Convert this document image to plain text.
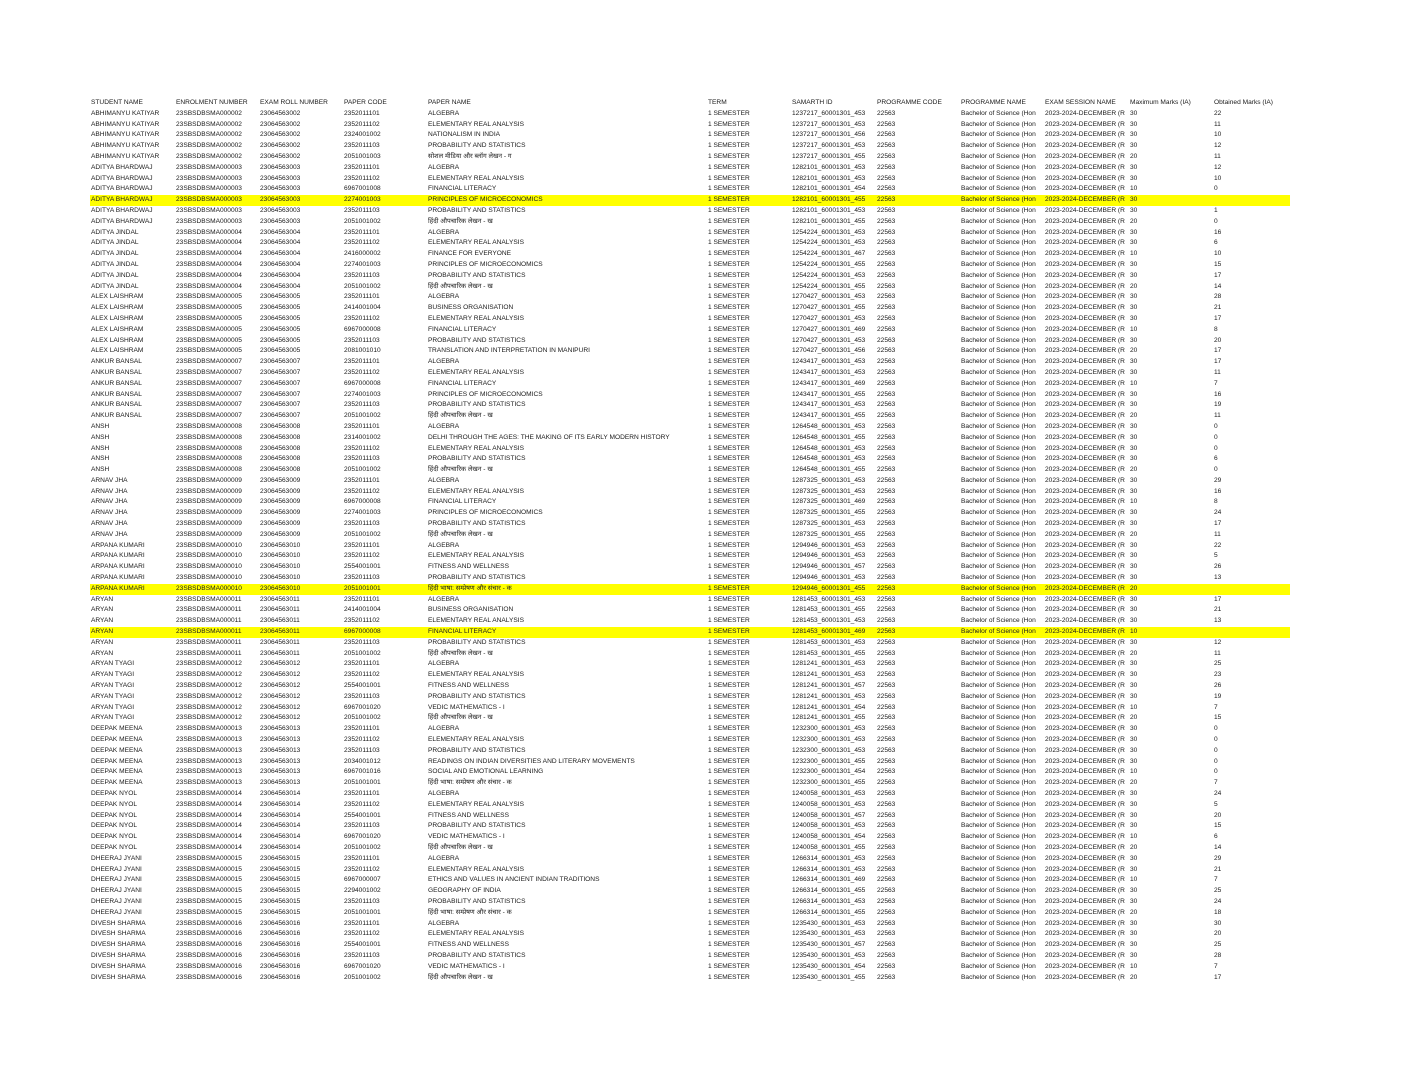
STUDENT NAME	ENROLMENT NUMBER	EXAM ROLL NUMBER	PAPER CODE	PAPER NAME	TERM	SAMARTH ID	PROGRAMME CODE	PROGRAMME NAME	EXAM SESSION NAME	Maximum Marks (IA)	Obtained Marks (IA)
ABHIMANYU KATIYAR	23SBSDBSMA000002	23064563002	2352011101	ALGEBRA	1 SEMESTER	1237217_60001301_453	22563	Bachelor of Science (Hon	2023-2024-DECEMBER (R 30	22
ABHIMANYU KATIYAR	23SBSDBSMA000002	23064563002	2352011102	ELEMENTARY REAL ANALYSIS	1 SEMESTER	1237217_60001301_453	22563	Bachelor of Science (Hon	2023-2024-DECEMBER (R 30	11
ABHIMANYU KATIYAR	23SBSDBSMA000002	23064563002	2324001002	NATIONALISM IN INDIA	1 SEMESTER	1237217_60001301_456	22563	Bachelor of Science (Hon	2023-2024-DECEMBER (R 30	10
ABHIMANYU KATIYAR	23SBSDBSMA000002	23064563002	2352011103	PROBABILITY AND STATISTICS	1 SEMESTER	1237217_60001301_453	22563	Bachelor of Science (Hon	2023-2024-DECEMBER (R 30	12
ABHIMANYU KATIYAR	23SBSDBSMA000002	23064563002	2051001003	सोशल मीडिया और ब्लॉग लेखन - ग	1 SEMESTER	1237217_60001301_455	22563	Bachelor of Science (Hon	2023-2024-DECEMBER (R 20	11
ADITYA BHARDWAJ	23SBSDBSMA000003	23064563003	2352011101	ALGEBRA	1 SEMESTER	1282101_60001301_453	22563	Bachelor of Science (Hon	2023-2024-DECEMBER (R 30	12
ADITYA BHARDWAJ	23SBSDBSMA000003	23064563003	2352011102	ELEMENTARY REAL ANALYSIS	1 SEMESTER	1282101_60001301_453	22563	Bachelor of Science (Hon	2023-2024-DECEMBER (R 30	10
ADITYA BHARDWAJ	23SBSDBSMA000003	23064563003	6967001008	FINANCIAL LITERACY	1 SEMESTER	1282101_60001301_454	22563	Bachelor of Science (Hon	2023-2024-DECEMBER (R 10	0
ADITYA BHARDWAJ	23SBSDBSMA000003	23064563003	2274001003	PRINCIPLES OF MICROECONOMICS	1 SEMESTER	1282101_60001301_455	22563	Bachelor of Science (Hon	2023-2024-DECEMBER (R 30
ADITYA BHARDWAJ	23SBSDBSMA000003	23064563003	2352011103	PROBABILITY AND STATISTICS	1 SEMESTER	1282101_60001301_453	22563	Bachelor of Science (Hon	2023-2024-DECEMBER (R 30	1
ADITYA BHARDWAJ	23SBSDBSMA000003	23064563003	2051001002	हिंदी औपचारिक लेखन - ख	1 SEMESTER	1282101_60001301_455	22563	Bachelor of Science (Hon	2023-2024-DECEMBER (R 20	0
ADITYA JINDAL	23SBSDBSMA000004	23064563004	2352011101	ALGEBRA	1 SEMESTER	1254224_60001301_453	22563	Bachelor of Science (Hon	2023-2024-DECEMBER (R 30	16
ADITYA JINDAL	23SBSDBSMA000004	23064563004	2352011102	ELEMENTARY REAL ANALYSIS	1 SEMESTER	1254224_60001301_453	22563	Bachelor of Science (Hon	2023-2024-DECEMBER (R 30	6
ADITYA JINDAL	23SBSDBSMA000004	23064563004	2416000002	FINANCE FOR EVERYONE	1 SEMESTER	1254224_60001301_467	22563	Bachelor of Science (Hon	2023-2024-DECEMBER (R 10	10
ADITYA JINDAL	23SBSDBSMA000004	23064563004	2274001003	PRINCIPLES OF MICROECONOMICS	1 SEMESTER	1254224_60001301_455	22563	Bachelor of Science (Hon	2023-2024-DECEMBER (R 30	15
ADITYA JINDAL	23SBSDBSMA000004	23064563004	2352011103	PROBABILITY AND STATISTICS	1 SEMESTER	1254224_60001301_453	22563	Bachelor of Science (Hon	2023-2024-DECEMBER (R 30	17
ADITYA JINDAL	23SBSDBSMA000004	23064563004	2051001002	हिंदी औपचारिक लेखन - ख	1 SEMESTER	1254224_60001301_455	22563	Bachelor of Science (Hon	2023-2024-DECEMBER (R 20	14
ALEX LAISHRAM	23SBSDBSMA000005	23064563005	2352011101	ALGEBRA	1 SEMESTER	1270427_60001301_453	22563	Bachelor of Science (Hon	2023-2024-DECEMBER (R 30	28
ALEX LAISHRAM	23SBSDBSMA000005	23064563005	2414001004	BUSINESS ORGANISATION	1 SEMESTER	1270427_60001301_455	22563	Bachelor of Science (Hon	2023-2024-DECEMBER (R 30	21
ALEX LAISHRAM	23SBSDBSMA000005	23064563005	2352011102	ELEMENTARY REAL ANALYSIS	1 SEMESTER	1270427_60001301_453	22563	Bachelor of Science (Hon	2023-2024-DECEMBER (R 30	17
ALEX LAISHRAM	23SBSDBSMA000005	23064563005	6967000008	FINANCIAL LITERACY	1 SEMESTER	1270427_60001301_469	22563	Bachelor of Science (Hon	2023-2024-DECEMBER (R 10	8
ALEX LAISHRAM	23SBSDBSMA000005	23064563005	2352011103	PROBABILITY AND STATISTICS	1 SEMESTER	1270427_60001301_453	22563	Bachelor of Science (Hon	2023-2024-DECEMBER (R 30	20
ALEX LAISHRAM	23SBSDBSMA000005	23064563005	2081001010	TRANSLATION AND INTERPRETATION IN MANIPURI	1 SEMESTER	1270427_60001301_456	22563	Bachelor of Science (Hon	2023-2024-DECEMBER (R 20	17
ANKUR BANSAL	23SBSDBSMA000007	23064563007	2352011101	ALGEBRA	1 SEMESTER	1243417_60001301_453	22563	Bachelor of Science (Hon	2023-2024-DECEMBER (R 30	17
ANKUR BANSAL	23SBSDBSMA000007	23064563007	2352011102	ELEMENTARY REAL ANALYSIS	1 SEMESTER	1243417_60001301_453	22563	Bachelor of Science (Hon	2023-2024-DECEMBER (R 30	11
ANKUR BANSAL	23SBSDBSMA000007	23064563007	6967000008	FINANCIAL LITERACY	1 SEMESTER	1243417_60001301_469	22563	Bachelor of Science (Hon	2023-2024-DECEMBER (R 10	7
ANKUR BANSAL	23SBSDBSMA000007	23064563007	2274001003	PRINCIPLES OF MICROECONOMICS	1 SEMESTER	1243417_60001301_455	22563	Bachelor of Science (Hon	2023-2024-DECEMBER (R 30	16
ANKUR BANSAL	23SBSDBSMA000007	23064563007	2352011103	PROBABILITY AND STATISTICS	1 SEMESTER	1243417_60001301_453	22563	Bachelor of Science (Hon	2023-2024-DECEMBER (R 30	19
ANKUR BANSAL	23SBSDBSMA000007	23064563007	2051001002	हिंदी औपचारिक लेखन - ख	1 SEMESTER	1243417_60001301_455	22563	Bachelor of Science (Hon	2023-2024-DECEMBER (R 20	11
ANSH	23SBSDBSMA000008	23064563008	2352011101	ALGEBRA	1 SEMESTER	1264548_60001301_453	22563	Bachelor of Science (Hon	2023-2024-DECEMBER (R 30	0
ANSH	23SBSDBSMA000008	23064563008	2314001002	DELHI THROUGH THE AGES: THE MAKING OF ITS EARLY MODERN HISTORY	1 SEMESTER	1264548_60001301_455	22563	Bachelor of Science (Hon	2023-2024-DECEMBER (R 30	0
ANSH	23SBSDBSMA000008	23064563008	2352011102	ELEMENTARY REAL ANALYSIS	1 SEMESTER	1264548_60001301_453	22563	Bachelor of Science (Hon	2023-2024-DECEMBER (R 30	0
ANSH	23SBSDBSMA000008	23064563008	2352011103	PROBABILITY AND STATISTICS	1 SEMESTER	1264548_60001301_453	22563	Bachelor of Science (Hon	2023-2024-DECEMBER (R 30	6
ANSH	23SBSDBSMA000008	23064563008	2051001002	हिंदी औपचारिक लेखन - ख	1 SEMESTER	1264548_60001301_455	22563	Bachelor of Science (Hon	2023-2024-DECEMBER (R 20	0
ARNAV JHA	23SBSDBSMA000009	23064563009	2352011101	ALGEBRA	1 SEMESTER	1287325_60001301_453	22563	Bachelor of Science (Hon	2023-2024-DECEMBER (R 30	29
ARNAV JHA	23SBSDBSMA000009	23064563009	2352011102	ELEMENTARY REAL ANALYSIS	1 SEMESTER	1287325_60001301_453	22563	Bachelor of Science (Hon	2023-2024-DECEMBER (R 30	16
ARNAV JHA	23SBSDBSMA000009	23064563009	6967000008	FINANCIAL LITERACY	1 SEMESTER	1287325_60001301_469	22563	Bachelor of Science (Hon	2023-2024-DECEMBER (R 10	8
ARNAV JHA	23SBSDBSMA000009	23064563009	2274001003	PRINCIPLES OF MICROECONOMICS	1 SEMESTER	1287325_60001301_455	22563	Bachelor of Science (Hon	2023-2024-DECEMBER (R 30	24
ARNAV JHA	23SBSDBSMA000009	23064563009	2352011103	PROBABILITY AND STATISTICS	1 SEMESTER	1287325_60001301_453	22563	Bachelor of Science (Hon	2023-2024-DECEMBER (R 30	17
ARNAV JHA	23SBSDBSMA000009	23064563009	2051001002	हिंदी औपचारिक लेखन - ख	1 SEMESTER	1287325_60001301_455	22563	Bachelor of Science (Hon	2023-2024-DECEMBER (R 20	11
ARPANA KUMARI	23SBSDBSMA000010	23064563010	2352011101	ALGEBRA	1 SEMESTER	1294946_60001301_453	22563	Bachelor of Science (Hon	2023-2024-DECEMBER (R 30	22
ARPANA KUMARI	23SBSDBSMA000010	23064563010	2352011102	ELEMENTARY REAL ANALYSIS	1 SEMESTER	1294946_60001301_453	22563	Bachelor of Science (Hon	2023-2024-DECEMBER (R 30	5
ARPANA KUMARI	23SBSDBSMA000010	23064563010	2554001001	FITNESS AND WELLNESS	1 SEMESTER	1294946_60001301_457	22563	Bachelor of Science (Hon	2023-2024-DECEMBER (R 30	26
ARPANA KUMARI	23SBSDBSMA000010	23064563010	2352011103	PROBABILITY AND STATISTICS	1 SEMESTER	1294946_60001301_453	22563	Bachelor of Science (Hon	2023-2024-DECEMBER (R 30	13
ARPANA KUMARI	23SBSDBSMA000010	23064563010	2051001001	हिंदी भाषा: सम्प्रेषण और संचार - क	1 SEMESTER	1294946_60001301_455	22563	Bachelor of Science (Hon	2023-2024-DECEMBER (R 20
ARYAN	23SBSDBSMA000011	23064563011	2352011101	ALGEBRA	1 SEMESTER	1281453_60001301_453	22563	Bachelor of Science (Hon	2023-2024-DECEMBER (R 30	17
ARYAN	23SBSDBSMA000011	23064563011	2414001004	BUSINESS ORGANISATION	1 SEMESTER	1281453_60001301_455	22563	Bachelor of Science (Hon	2023-2024-DECEMBER (R 30	21
ARYAN	23SBSDBSMA000011	23064563011	2352011102	ELEMENTARY REAL ANALYSIS	1 SEMESTER	1281453_60001301_453	22563	Bachelor of Science (Hon	2023-2024-DECEMBER (R 30	13
ARYAN	23SBSDBSMA000011	23064563011	6967000008	FINANCIAL LITERACY	1 SEMESTER	1281453_60001301_469	22563	Bachelor of Science (Hon	2023-2024-DECEMBER (R 10
ARYAN	23SBSDBSMA000011	23064563011	2352011103	PROBABILITY AND STATISTICS	1 SEMESTER	1281453_60001301_453	22563	Bachelor of Science (Hon	2023-2024-DECEMBER (R 30	12
ARYAN	23SBSDBSMA000011	23064563011	2051001002	हिंदी औपचारिक लेखन - ख	1 SEMESTER	1281453_60001301_455	22563	Bachelor of Science (Hon	2023-2024-DECEMBER (R 20	11
ARYAN TYAGI	23SBSDBSMA000012	23064563012	2352011101	ALGEBRA	1 SEMESTER	1281241_60001301_453	22563	Bachelor of Science (Hon	2023-2024-DECEMBER (R 30	25
ARYAN TYAGI	23SBSDBSMA000012	23064563012	2352011102	ELEMENTARY REAL ANALYSIS	1 SEMESTER	1281241_60001301_453	22563	Bachelor of Science (Hon	2023-2024-DECEMBER (R 30	23
ARYAN TYAGI	23SBSDBSMA000012	23064563012	2554001001	FITNESS AND WELLNESS	1 SEMESTER	1281241_60001301_457	22563	Bachelor of Science (Hon	2023-2024-DECEMBER (R 30	26
ARYAN TYAGI	23SBSDBSMA000012	23064563012	2352011103	PROBABILITY AND STATISTICS	1 SEMESTER	1281241_60001301_453	22563	Bachelor of Science (Hon	2023-2024-DECEMBER (R 30	19
ARYAN TYAGI	23SBSDBSMA000012	23064563012	6967001020	VEDIC MATHEMATICS - I	1 SEMESTER	1281241_60001301_454	22563	Bachelor of Science (Hon	2023-2024-DECEMBER (R 10	7
ARYAN TYAGI	23SBSDBSMA000012	23064563012	2051001002	हिंदी औपचारिक लेखन - ख	1 SEMESTER	1281241_60001301_455	22563	Bachelor of Science (Hon	2023-2024-DECEMBER (R 20	15
DEEPAK MEENA	23SBSDBSMA000013	23064563013	2352011101	ALGEBRA	1 SEMESTER	1232300_60001301_453	22563	Bachelor of Science (Hon	2023-2024-DECEMBER (R 30	0
DEEPAK MEENA	23SBSDBSMA000013	23064563013	2352011102	ELEMENTARY REAL ANALYSIS	1 SEMESTER	1232300_60001301_453	22563	Bachelor of Science (Hon	2023-2024-DECEMBER (R 30	0
DEEPAK MEENA	23SBSDBSMA000013	23064563013	2352011103	PROBABILITY AND STATISTICS	1 SEMESTER	1232300_60001301_453	22563	Bachelor of Science (Hon	2023-2024-DECEMBER (R 30	0
DEEPAK MEENA	23SBSDBSMA000013	23064563013	2034001012	READINGS ON INDIAN DIVERSITIES AND LITERARY MOVEMENTS	1 SEMESTER	1232300_60001301_455	22563	Bachelor of Science (Hon	2023-2024-DECEMBER (R 30	0
DEEPAK MEENA	23SBSDBSMA000013	23064563013	6967001016	SOCIAL AND EMOTIONAL LEARNING	1 SEMESTER	1232300_60001301_454	22563	Bachelor of Science (Hon	2023-2024-DECEMBER (R 10	0
DEEPAK MEENA	23SBSDBSMA000013	23064563013	2051001001	हिंदी भाषा: सम्प्रेषण और संचार - क	1 SEMESTER	1232300_60001301_455	22563	Bachelor of Science (Hon	2023-2024-DECEMBER (R 20	7
DEEPAK NYOL	23SBSDBSMA000014	23064563014	2352011101	ALGEBRA	1 SEMESTER	1240058_60001301_453	22563	Bachelor of Science (Hon	2023-2024-DECEMBER (R 30	24
DEEPAK NYOL	23SBSDBSMA000014	23064563014	2352011102	ELEMENTARY REAL ANALYSIS	1 SEMESTER	1240058_60001301_453	22563	Bachelor of Science (Hon	2023-2024-DECEMBER (R 30	5
DEEPAK NYOL	23SBSDBSMA000014	23064563014	2554001001	FITNESS AND WELLNESS	1 SEMESTER	1240058_60001301_457	22563	Bachelor of Science (Hon	2023-2024-DECEMBER (R 30	20
DEEPAK NYOL	23SBSDBSMA000014	23064563014	2352011103	PROBABILITY AND STATISTICS	1 SEMESTER	1240058_60001301_453	22563	Bachelor of Science (Hon	2023-2024-DECEMBER (R 30	15
DEEPAK NYOL	23SBSDBSMA000014	23064563014	6967001020	VEDIC MATHEMATICS - I	1 SEMESTER	1240058_60001301_454	22563	Bachelor of Science (Hon	2023-2024-DECEMBER (R 10	6
DEEPAK NYOL	23SBSDBSMA000014	23064563014	2051001002	हिंदी औपचारिक लेखन - ख	1 SEMESTER	1240058_60001301_455	22563	Bachelor of Science (Hon	2023-2024-DECEMBER (R 20	14
DHEERAJ JYANI	23SBSDBSMA000015	23064563015	2352011101	ALGEBRA	1 SEMESTER	1266314_60001301_453	22563	Bachelor of Science (Hon	2023-2024-DECEMBER (R 30	29
DHEERAJ JYANI	23SBSDBSMA000015	23064563015	2352011102	ELEMENTARY REAL ANALYSIS	1 SEMESTER	1266314_60001301_453	22563	Bachelor of Science (Hon	2023-2024-DECEMBER (R 30	21
DHEERAJ JYANI	23SBSDBSMA000015	23064563015	6967000007	ETHICS AND VALUES IN ANCIENT INDIAN TRADITIONS	1 SEMESTER	1266314_60001301_469	22563	Bachelor of Science (Hon	2023-2024-DECEMBER (R 10	7
DHEERAJ JYANI	23SBSDBSMA000015	23064563015	2294001002	GEOGRAPHY OF INDIA	1 SEMESTER	1266314_60001301_455	22563	Bachelor of Science (Hon	2023-2024-DECEMBER (R 30	25
DHEERAJ JYANI	23SBSDBSMA000015	23064563015	2352011103	PROBABILITY AND STATISTICS	1 SEMESTER	1266314_60001301_453	22563	Bachelor of Science (Hon	2023-2024-DECEMBER (R 30	24
DHEERAJ JYANI	23SBSDBSMA000015	23064563015	2051001001	हिंदी भाषा: सम्प्रेषण और संचार - क	1 SEMESTER	1266314_60001301_455	22563	Bachelor of Science (Hon	2023-2024-DECEMBER (R 20	18
DIVESH SHARMA	23SBSDBSMA000016	23064563016	2352011101	ALGEBRA	1 SEMESTER	1235430_60001301_453	22563	Bachelor of Science (Hon	2023-2024-DECEMBER (R 30	30
DIVESH SHARMA	23SBSDBSMA000016	23064563016	2352011102	ELEMENTARY REAL ANALYSIS	1 SEMESTER	1235430_60001301_453	22563	Bachelor of Science (Hon	2023-2024-DECEMBER (R 30	20
DIVESH SHARMA	23SBSDBSMA000016	23064563016	2554001001	FITNESS AND WELLNESS	1 SEMESTER	1235430_60001301_457	22563	Bachelor of Science (Hon	2023-2024-DECEMBER (R 30	25
DIVESH SHARMA	23SBSDBSMA000016	23064563016	2352011103	PROBABILITY AND STATISTICS	1 SEMESTER	1235430_60001301_453	22563	Bachelor of Science (Hon	2023-2024-DECEMBER (R 30	28
DIVESH SHARMA	23SBSDBSMA000016	23064563016	6967001020	VEDIC MATHEMATICS - I	1 SEMESTER	1235430_60001301_454	22563	Bachelor of Science (Hon	2023-2024-DECEMBER (R 10	7
DIVESH SHARMA	23SBSDBSMA000016	23064563016	2051001002	हिंदी औपचारिक लेखन - ख	1 SEMESTER	1235430_60001301_455	22563	Bachelor of Science (Hon	2023-2024-DECEMBER (R 20	17
